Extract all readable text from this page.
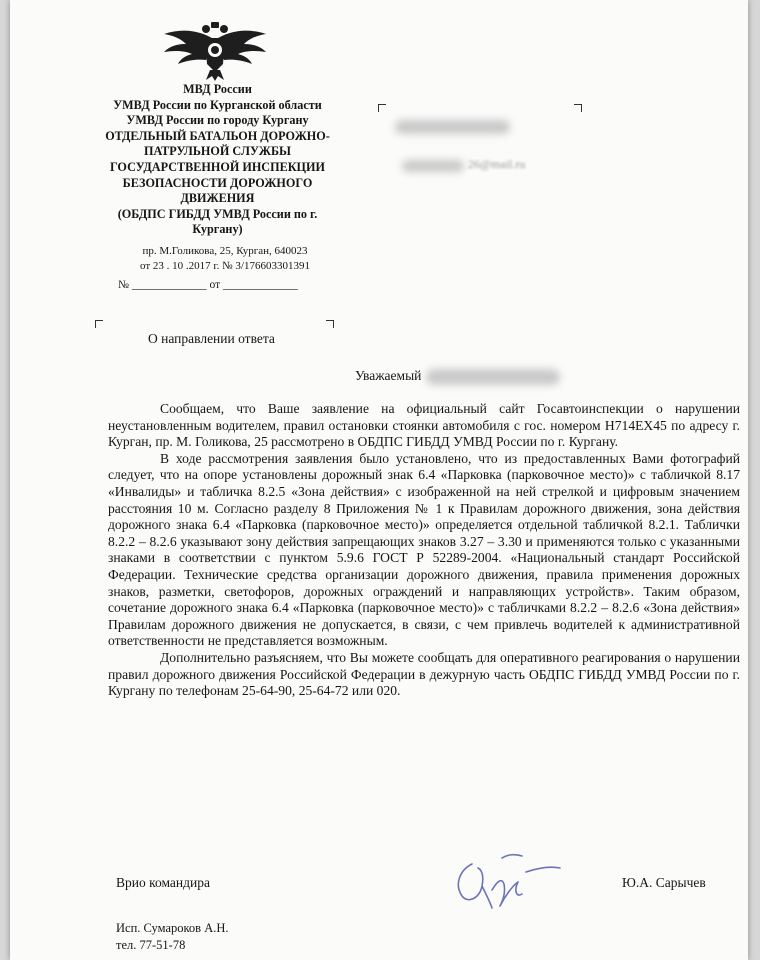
МВД России
УМВД России по Курганской области
УМВД России по городу Кургану
ОТДЕЛЬНЫЙ БАТАЛЬОН ДОРОЖНО-
ПАТРУЛЬНОЙ СЛУЖБЫ
ГОСУДАРСТВЕННОЙ ИНСПЕКЦИИ
БЕЗОПАСНОСТИ ДОРОЖНОГО
ДВИЖЕНИЯ
(ОБДПС ГИБДД УМВД России по г.
Кургану)
пр. М.Голикова, 25, Курган, 640023
от 23 . 10 .2017 г. № 3/176603301391
№ _____________ от _____________
26@mail.ru
О направлении ответа
Уважаемый

Сообщаем, что Ваше заявление на официальный сайт Госавтоинспекции о нарушении неустановленным водителем, правил остановки стоянки автомобиля с гос. номером Н714ЕХ45 по адресу г. Курган, пр. М. Голикова, 25 рассмотрено в ОБДПС ГИБДД УМВД России по г. Кургану.

В ходе рассмотрения заявления было установлено, что из предоставленных Вами фотографий следует, что на опоре установлены дорожный знак 6.4 «Парковка (парковочное место)» с табличкой 8.17 «Инвалиды» и табличка 8.2.5 «Зона действия» с изображенной на ней стрелкой и цифровым значением расстояния 10 м. Согласно разделу 8 Приложения № 1 к Правилам дорожного движения, зона действия дорожного знака 6.4 «Парковка (парковочное место)» определяется отдельной табличкой 8.2.1. Таблички 8.2.2 – 8.2.6 указывают зону действия запрещающих знаков 3.27 – 3.30 и применяются только с указанными знаками в соответствии с пунктом 5.9.6 ГОСТ Р 52289-2004. «Национальный стандарт Российской Федерации. Технические средства организации дорожного движения, правила применения дорожных знаков, разметки, светофоров, дорожных ограждений и направляющих устройств». Таким образом, сочетание дорожного знака 6.4 «Парковка (парковочное место)» с табличками 8.2.2 – 8.2.6 «Зона действия» Правилам дорожного движения не допускается, в связи, с чем привлечь водителей к административной ответственности не представляется возможным.

Дополнительно разъясняем, что Вы можете сообщать для оперативного реагирования о нарушении правил дорожного движения Российской Федерации в дежурную часть ОБДПС ГИБДД УМВД России по г. Кургану по телефонам 25-64-90, 25-64-72 или 020.

Врио командира	Ю.А. Сарычев
Исп. Сумароков А.Н.
тел. 77-51-78
